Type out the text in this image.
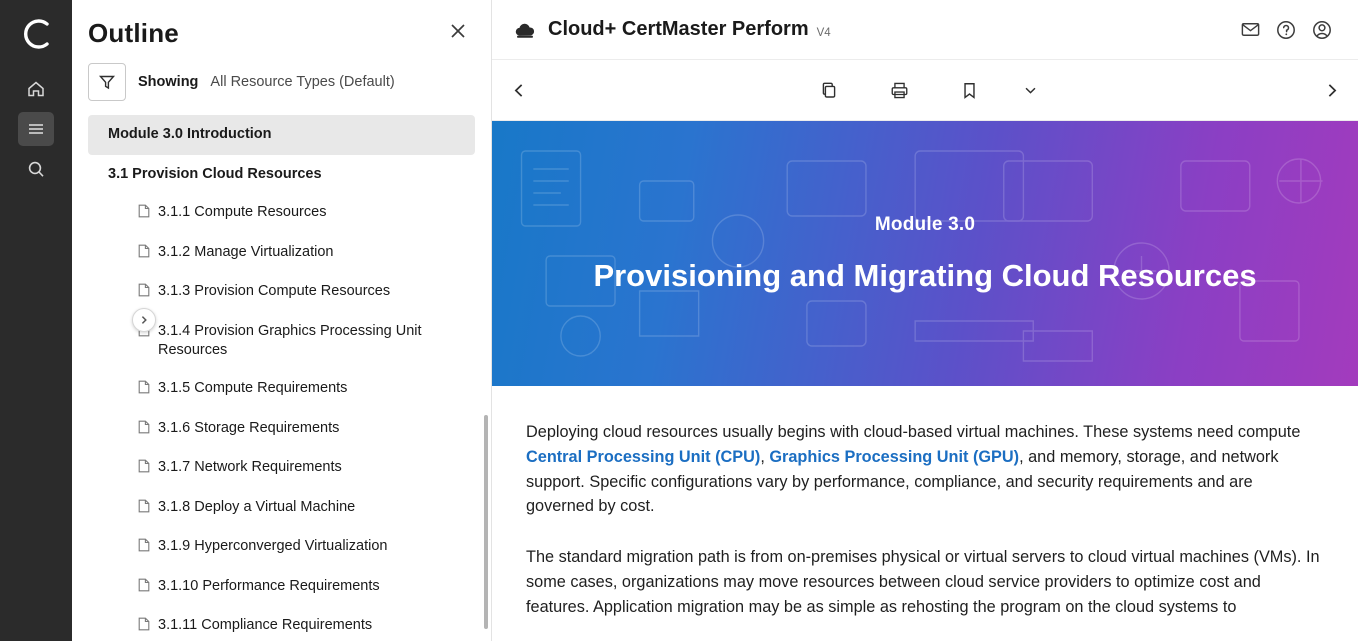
Outline
Showing All Resource Types (Default)
Module 3.0 Introduction
3.1 Provision Cloud Resources
3.1.1 Compute Resources
3.1.2 Manage Virtualization
3.1.3 Provision Compute Resources
3.1.4 Provision Graphics Processing Unit Resources
3.1.5 Compute Requirements
3.1.6 Storage Requirements
3.1.7 Network Requirements
3.1.8 Deploy a Virtual Machine
3.1.9 Hyperconverged Virtualization
3.1.10 Performance Requirements
3.1.11 Compliance Requirements
Cloud+ CertMaster Perform V4
Module 3.0
Provisioning and Migrating Cloud Resources

Deploying cloud resources usually begins with cloud-based virtual machines. These systems need compute Central Processing Unit (CPU), Graphics Processing Unit (GPU), and memory, storage, and network support. Specific configurations vary by performance, compliance, and security requirements and are governed by cost.

The standard migration path is from on-premises physical or virtual servers to cloud virtual machines (VMs). In some cases, organizations may move resources between cloud service providers to optimize cost and features. Application migration may be as simple as rehosting the program on the cloud systems to
